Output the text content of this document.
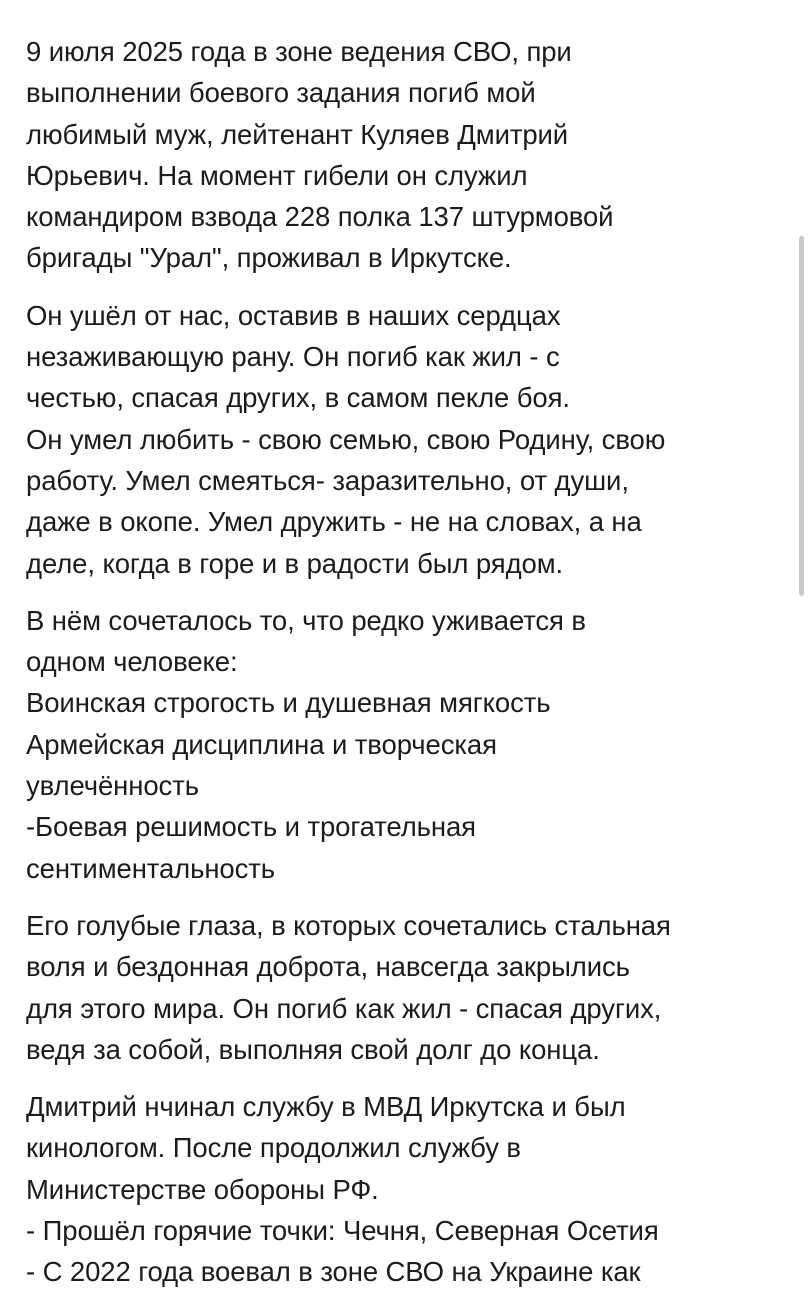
9 июля 2025 года в зоне ведения СВО, при
выполнении боевого задания погиб мой
любимый муж, лейтенант Куляев Дмитрий
Юрьевич. На момент гибели он служил
командиром взвода 228 полка 137 штурмовой
бригады "Урал", проживал в Иркутске.
Он ушёл от нас, оставив в наших сердцах
незаживающую рану. Он погиб как жил - с
честью, спасая других, в самом пекле боя.
Он умел любить - свою семью, свою Родину, свою
работу. Умел смеяться- заразительно, от души,
даже в окопе. Умел дружить - не на словах, а на
деле, когда в горе и в радости был рядом.
В нём сочеталось то, что редко уживается в
одном человеке:
Воинская строгость и душевная мягкость
Армейская дисциплина и творческая
увлечённость
-Боевая решимость и трогательная
сентиментальность
Его голубые глаза, в которых сочетались стальная
воля и бездонная доброта, навсегда закрылись
для этого мира. Он погиб как жил - спасая других,
ведя за собой, выполняя свой долг до конца.
Дмитрий нчинал службу в МВД Иркутска и был
кинологом. После продолжил службу в
Министерстве обороны РФ.
- Прошёл горячие точки: Чечня, Северная Осетия
- С 2022 года воевал в зоне СВО на Украине как
